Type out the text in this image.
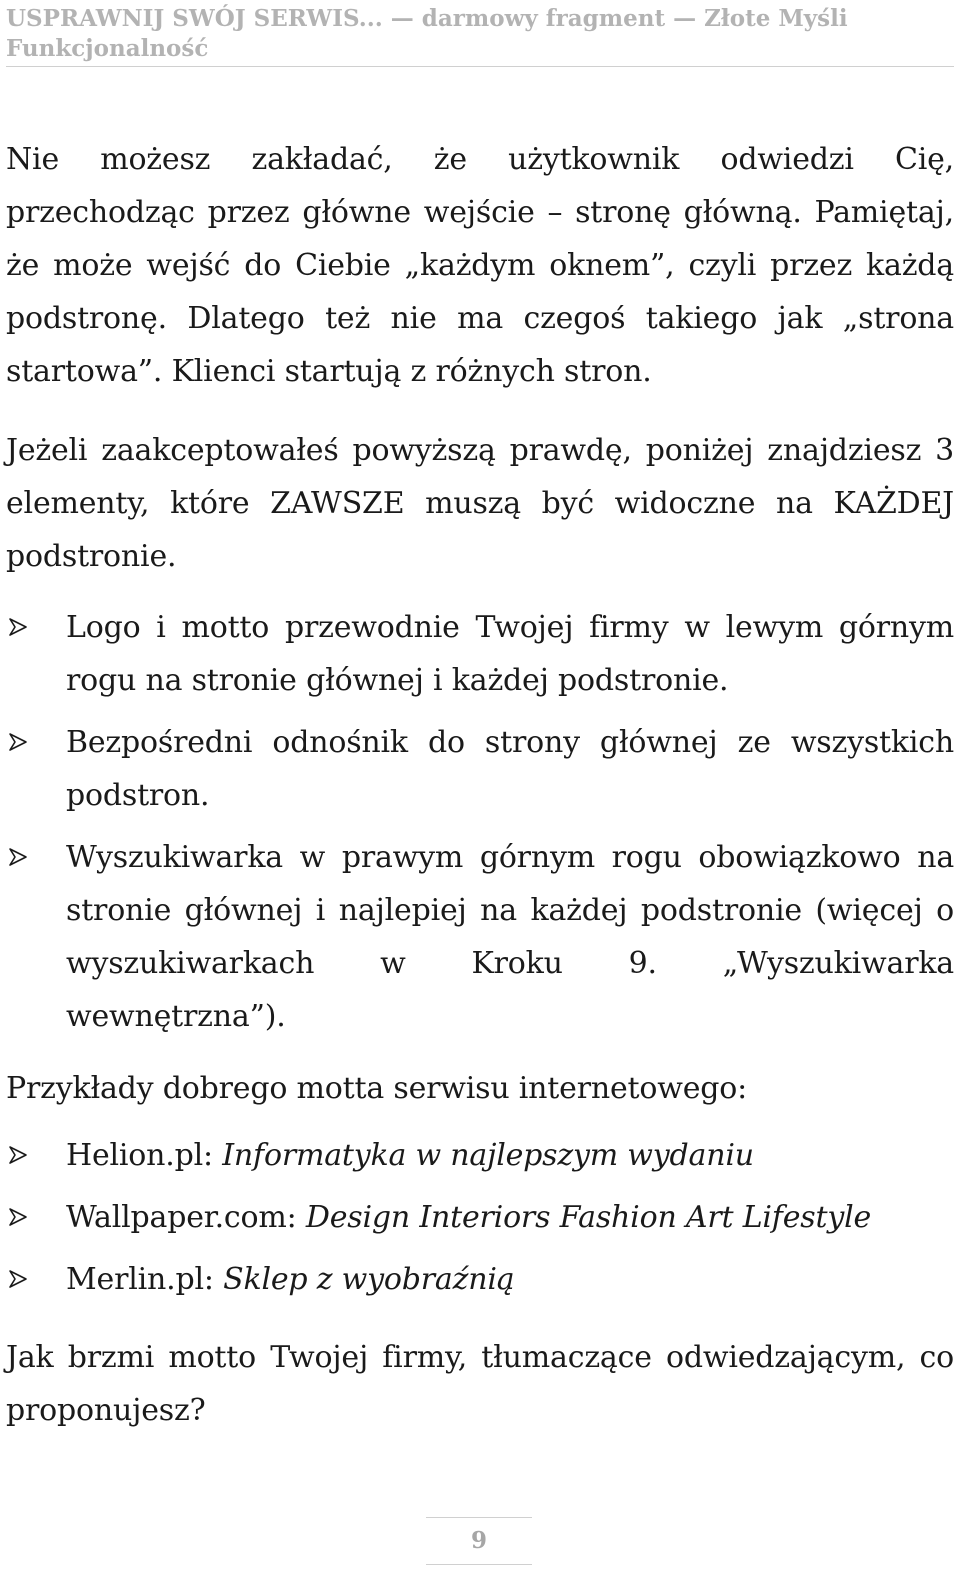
USPRAWNIJ SWÓJ SERWIS... — darmowy fragment — Złote Myśli
Funkcjonalność

Nie możesz zakładać, że użytkownik odwiedzi Cię, przechodząc przez główne wejście – stronę główną. Pamiętaj, że może wejść do Ciebie „każdym oknem”, czyli przez każdą podstronę. Dlatego też nie ma czegoś takiego jak „strona startowa”. Klienci startują z różnych stron.

Jeżeli zaakceptowałeś powyższą prawdę, poniżej znajdziesz 3 elementy, które ZAWSZE muszą być widoczne na KAŻDEJ podstronie.

Logo i motto przewodnie Twojej firmy w lewym górnym rogu na stronie głównej i każdej podstronie.
Bezpośredni odnośnik do strony głównej ze wszystkich podstron.
Wyszukiwarka w prawym górnym rogu obowiązkowo na stronie głównej i najlepiej na każdej podstronie (więcej o wyszukiwarkach w Kroku 9. „Wyszukiwarka wewnętrzna”).

Przykłady dobrego motta serwisu internetowego:

Helion.pl: Informatyka w najlepszym wydaniu
Wallpaper.com: Design Interiors Fashion Art Lifestyle
Merlin.pl: Sklep z wyobraźnią

Jak brzmi motto Twojej firmy, tłumaczące odwiedzającym, co proponujesz?

9
